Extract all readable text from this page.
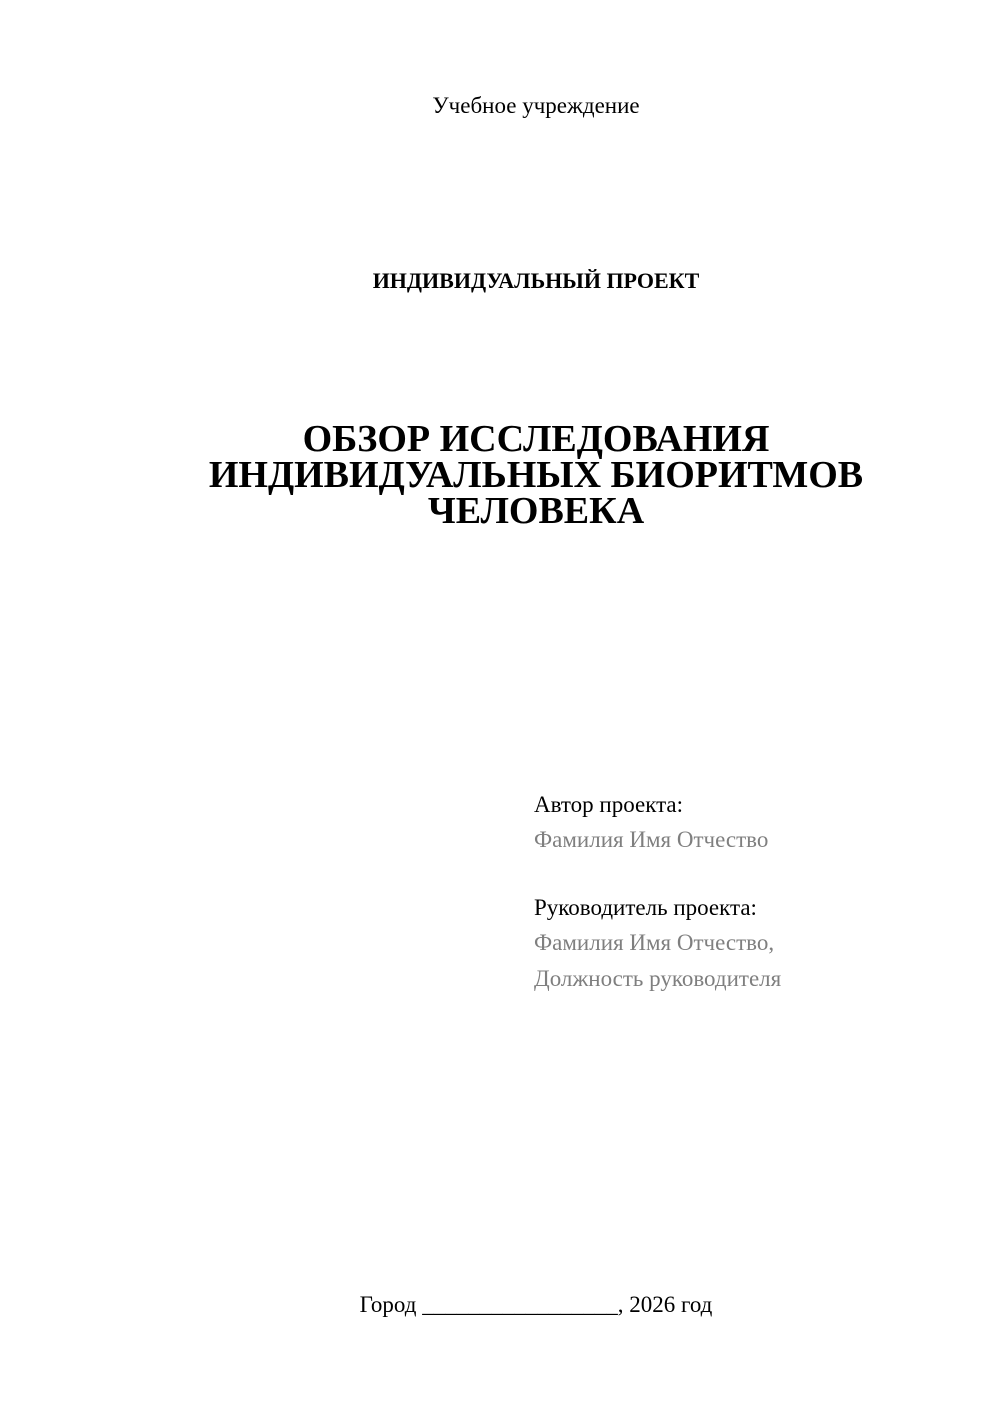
Учебное учреждение
ИНДИВИДУАЛЬНЫЙ ПРОЕКТ
ОБЗОР ИССЛЕДОВАНИЯ
ИНДИВИДУАЛЬНЫХ БИОРИТМОВ
ЧЕЛОВЕКА
Автор проекта:
Фамилия Имя Отчество
Руководитель проекта:
Фамилия Имя Отчество,
Должность руководителя
Город _________________, 2026 год
